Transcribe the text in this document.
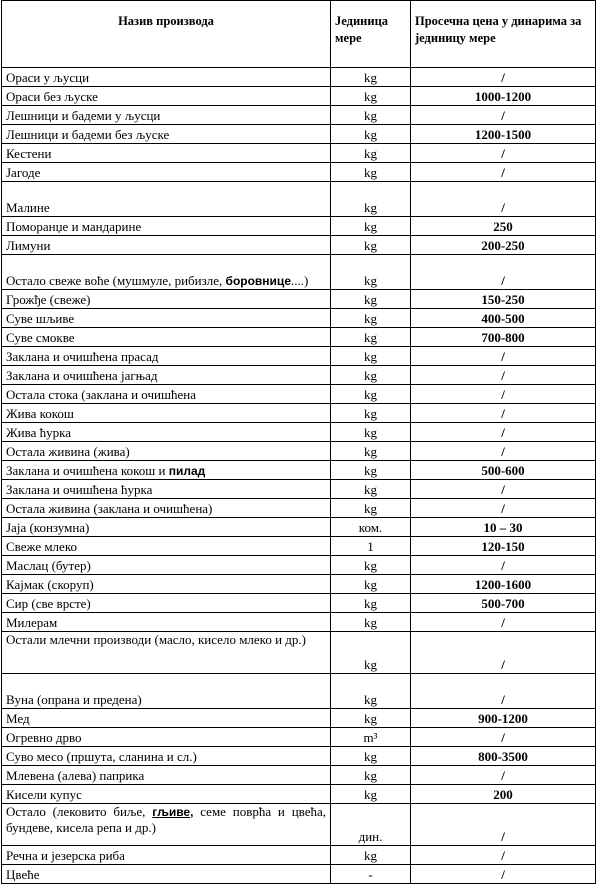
Назив производа	Јединица мере	Просечна цена у динарима за јединицу мере
Ораси у љусци	kg	/
Ораси без љуске	kg	1000-1200
Лешници и бадеми у љусци	kg	/
Лешници и бадеми без љуске	kg	1200-1500
Кестени	kg	/
Јагоде	kg	/
Малине	kg	/
Поморанџе и мандарине	kg	250
Лимуни	kg	200-250
Остало свеже воће (мушмуле, рибизле, боровнице....)	kg	/
Грожђе (свеже)	kg	150-250
Суве шљиве	kg	400-500
Суве смокве	kg	700-800
Заклана и очишћена прасад	kg	/
Заклана и очишћена јагњад	kg	/
Остала стока (заклана и очишћена	kg	/
Жива кокош	kg	/
Жива ћурка	kg	/
Остала живина (жива)	kg	/
Заклана и очишћена кокош и пилад	kg	500-600
Заклана и очишћена ћурка	kg	/
Остала живина (заклана и очишћена)	kg	/
Јаја (конзумна)	ком.	10 – 30
Свеже млеко	1	120-150
Маслац (бутер)	kg	/
Кајмак (скоруп)	kg	1200-1600
Сир (све врсте)	kg	500-700
Милерам	kg	/
Остали млечни производи (масло, кисело млеко и др.)	kg	/
Вуна (опрана и предена)	kg	/
Мед	kg	900-1200
Огревно дрво	m³	/
Суво месо (пршута, сланина и сл.)	kg	800-3500
Млевена (алева) паприка	kg	/
Кисели купус	kg	200
Остало (лековито биље, гљиве, семе поврћа и цвећа, бундеве, кисела репа и др.)	дин.	/
Речна и језерска риба	kg	/
Цвеће	-	/
